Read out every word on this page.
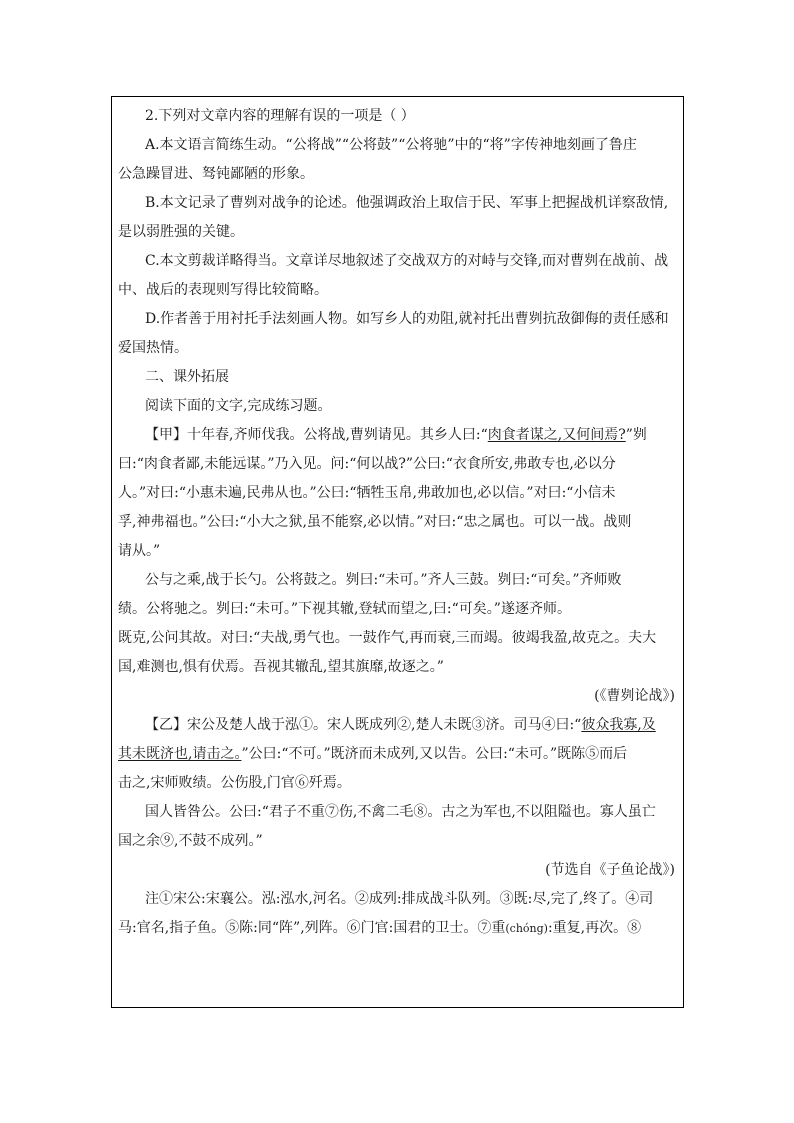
2.下列对文章内容的理解有误的一项是（ ）
A.本文语言简练生动。“公将战”“公将鼓”“公将驰”中的“将”字传神地刻画了鲁庄
公急躁冒进、驽钝鄙陋的形象。
B.本文记录了曹刿对战争的论述。他强调政治上取信于民、军事上把握战机详察敌情,
是以弱胜强的关键。
C.本文剪裁详略得当。文章详尽地叙述了交战双方的对峙与交锋,而对曹刿在战前、战
中、战后的表现则写得比较简略。
D.作者善于用衬托手法刻画人物。如写乡人的劝阻,就衬托出曹刿抗敌御侮的责任感和
爱国热情。
二、课外拓展
阅读下面的文字,完成练习题。
【甲】十年春,齐师伐我。公将战,曹刿请见。其乡人曰:“肉食者谋之,又何间焉?”刿
曰:“肉食者鄙,未能远谋。”乃入见。问:“何以战?”公曰:“衣食所安,弗敢专也,必以分
人。”对曰:“小惠未遍,民弗从也。”公曰:“牺牲玉帛,弗敢加也,必以信。”对曰:“小信未
孚,神弗福也。”公曰:“小大之狱,虽不能察,必以情。”对曰:“忠之属也。可以一战。战则
请从。”
公与之乘,战于长勺。公将鼓之。刿曰:“未可。”齐人三鼓。刿曰:“可矣。”齐师败
绩。公将驰之。刿曰:“未可。”下视其辙,登轼而望之,曰:“可矣。”遂逐齐师。
既克,公问其故。对曰:“夫战,勇气也。一鼓作气,再而衰,三而竭。彼竭我盈,故克之。夫大
国,难测也,惧有伏焉。吾视其辙乱,望其旗靡,故逐之。”
(《曹刿论战》)
【乙】宋公及楚人战于泓①。宋人既成列②,楚人未既③济。司马④曰:“彼众我寡,及
其未既济也,请击之。”公曰:“不可。”既济而未成列,又以告。公曰:“未可。”既陈⑤而后
击之,宋师败绩。公伤股,门官⑥歼焉。
国人皆咎公。公曰:“君子不重⑦伤,不禽二毛⑧。古之为军也,不以阻隘也。寡人虽亡
国之余⑨,不鼓不成列。”
(节选自《子鱼论战》)
注①宋公:宋襄公。泓:泓水,河名。②成列:排成战斗队列。③既:尽,完了,终了。④司
马:官名,指子鱼。⑤陈:同“阵”,列阵。⑥门官:国君的卫士。⑦重(chóng):重复,再次。⑧
